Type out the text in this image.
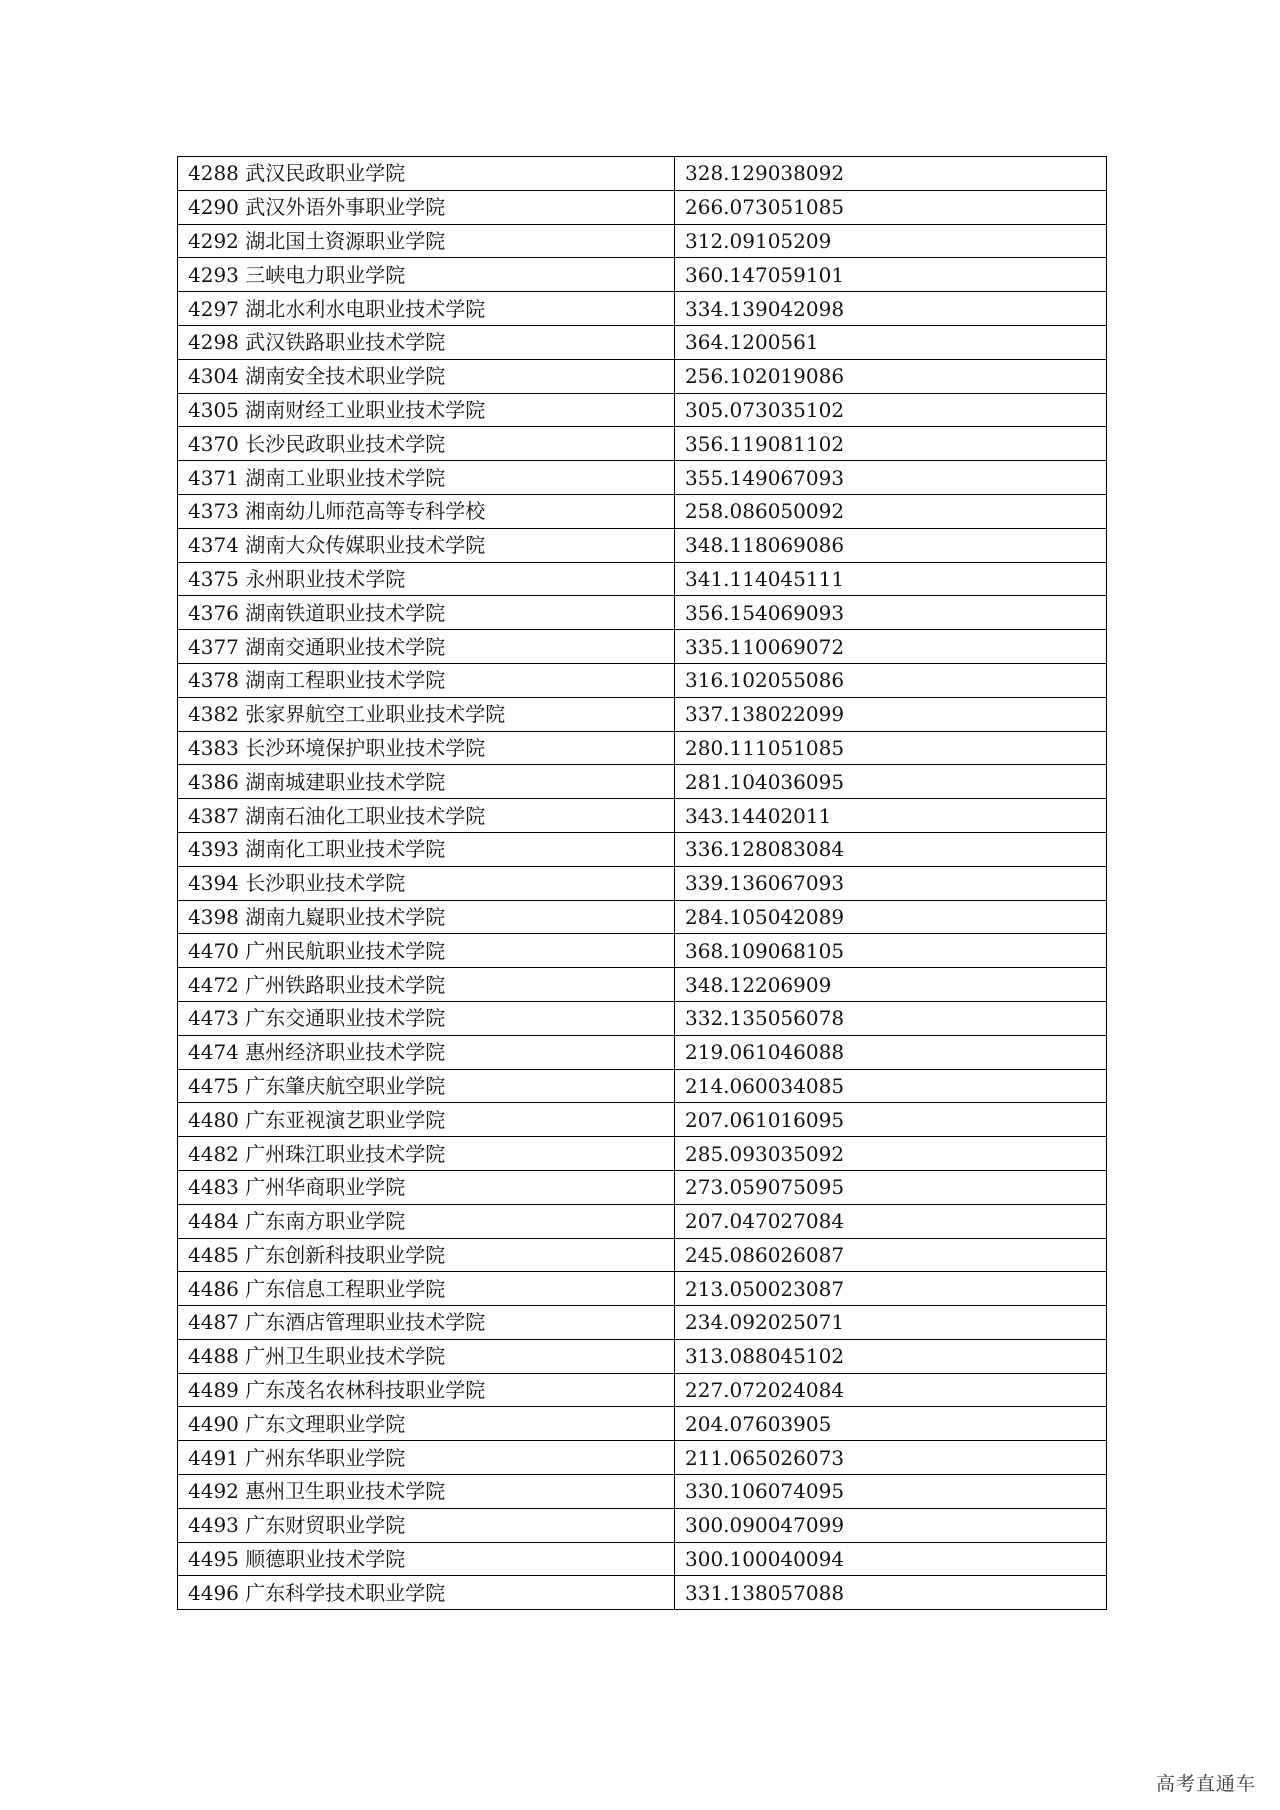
4288 武汉民政职业学院	328.129038092
4290 武汉外语外事职业学院	266.073051085
4292 湖北国土资源职业学院	312.09105209
4293 三峡电力职业学院	360.147059101
4297 湖北水利水电职业技术学院	334.139042098
4298 武汉铁路职业技术学院	364.1200561
4304 湖南安全技术职业学院	256.102019086
4305 湖南财经工业职业技术学院	305.073035102
4370 长沙民政职业技术学院	356.119081102
4371 湖南工业职业技术学院	355.149067093
4373 湘南幼儿师范高等专科学校	258.086050092
4374 湖南大众传媒职业技术学院	348.118069086
4375 永州职业技术学院	341.114045111
4376 湖南铁道职业技术学院	356.154069093
4377 湖南交通职业技术学院	335.110069072
4378 湖南工程职业技术学院	316.102055086
4382 张家界航空工业职业技术学院	337.138022099
4383 长沙环境保护职业技术学院	280.111051085
4386 湖南城建职业技术学院	281.104036095
4387 湖南石油化工职业技术学院	343.14402011
4393 湖南化工职业技术学院	336.128083084
4394 长沙职业技术学院	339.136067093
4398 湖南九嶷职业技术学院	284.105042089
4470 广州民航职业技术学院	368.109068105
4472 广州铁路职业技术学院	348.12206909
4473 广东交通职业技术学院	332.135056078
4474 惠州经济职业技术学院	219.061046088
4475 广东肇庆航空职业学院	214.060034085
4480 广东亚视演艺职业学院	207.061016095
4482 广州珠江职业技术学院	285.093035092
4483 广州华商职业学院	273.059075095
4484 广东南方职业学院	207.047027084
4485 广东创新科技职业学院	245.086026087
4486 广东信息工程职业学院	213.050023087
4487 广东酒店管理职业技术学院	234.092025071
4488 广州卫生职业技术学院	313.088045102
4489 广东茂名农林科技职业学院	227.072024084
4490 广东文理职业学院	204.07603905
4491 广州东华职业学院	211.065026073
4492 惠州卫生职业技术学院	330.106074095
4493 广东财贸职业学院	300.090047099
4495 顺德职业技术学院	300.100040094
4496 广东科学技术职业学院	331.138057088
高考直通车
